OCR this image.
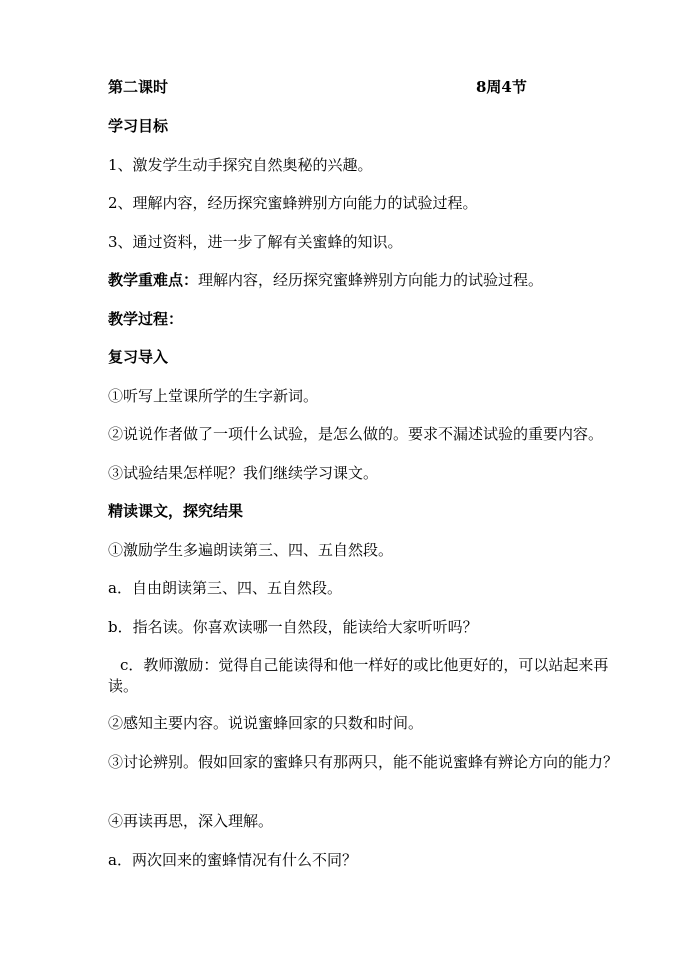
第二课时	8周4节
学习目标
1、激发学生动手探究自然奥秘的兴趣。
2、理解内容，经历探究蜜蜂辨别方向能力的试验过程。
3、通过资料，进一步了解有关蜜蜂的知识。
教学重难点：理解内容，经历探究蜜蜂辨别方向能力的试验过程。
教学过程：
复习导入
①听写上堂课所学的生字新词。
②说说作者做了一项什么试验，是怎么做的。要求不漏述试验的重要内容。
③试验结果怎样呢？我们继续学习课文。
精读课文，探究结果
①激励学生多遍朗读第三、四、五自然段。
a．自由朗读第三、四、五自然段。
b．指名读。你喜欢读哪一自然段，能读给大家听听吗？
c．教师激励：觉得自己能读得和他一样好的或比他更好的，可以站起来再读。
②感知主要内容。说说蜜蜂回家的只数和时间。
③讨论辨别。假如回家的蜜蜂只有那两只，能不能说蜜蜂有辨论方向的能力？
④再读再思，深入理解。
a．两次回来的蜜蜂情况有什么不同？
